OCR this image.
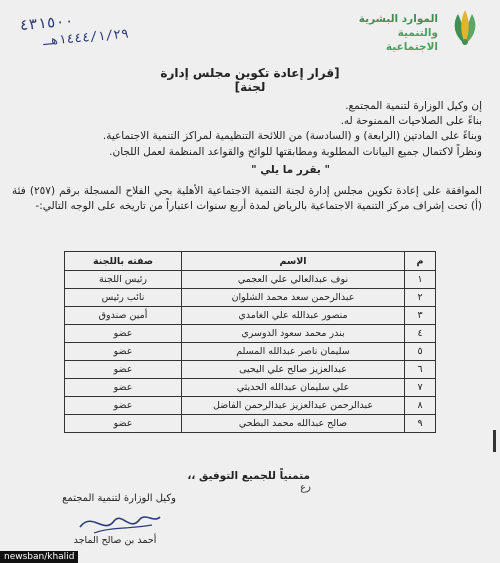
الموارد البشرية
والتنمية الاجتماعية
٤٣١٥٠٠
١٤٤٤/١/٢٩هـ
[قرار إعادة تكوين مجلس إدارة لجنة]
إن وكيل الوزارة لتنمية المجتمع.
بناءً على الصلاحيات الممنوحة له.
وبناءً على المادتين (الرابعة) و (السادسة) من اللائحة التنظيمية لمراكز التنمية الاجتماعية.
ونظراً لاكتمال جميع البيانات المطلوبة ومطابقتها للوائح والقواعد المنظمة لعمل اللجان.
" يقرر ما يلي "
الموافقة على إعادة تكوين مجلس إدارة لجنة التنمية الاجتماعية الأهلية بحي الفلاح المسجلة برقم (٢٥٧) فئة (أ) تحت إشراف مركز التنمية الاجتماعية بالرياض لمدة أربع سنوات اعتباراً من تاريخه على الوجه التالي:-
م	الاسم	صفته باللجنة
١	نوف عبدالعالي علي العجمي	رئيس اللجنة
٢	عبدالرحمن سعد محمد الشلوان	نائب رئيس
٣	منصور عبدالله علي الغامدي	أمين صندوق
٤	بندر محمد سعود الدوسري	عضو
٥	سليمان ناصر عبدالله المسلم	عضو
٦	عبدالعزيز صالح علي اليحيى	عضو
٧	علي سليمان عبدالله الحديثي	عضو
٨	عبدالرحمن عبدالعزيز عبدالرحمن الفاضل	عضو
٩	صالح عبدالله محمد البطحي	عضو
متمنياً للجميع التوفيق ،،
رع
وكيل الوزارة لتنمية المجتمع
أحمد بن صالح الماجد
newsban/khalid
